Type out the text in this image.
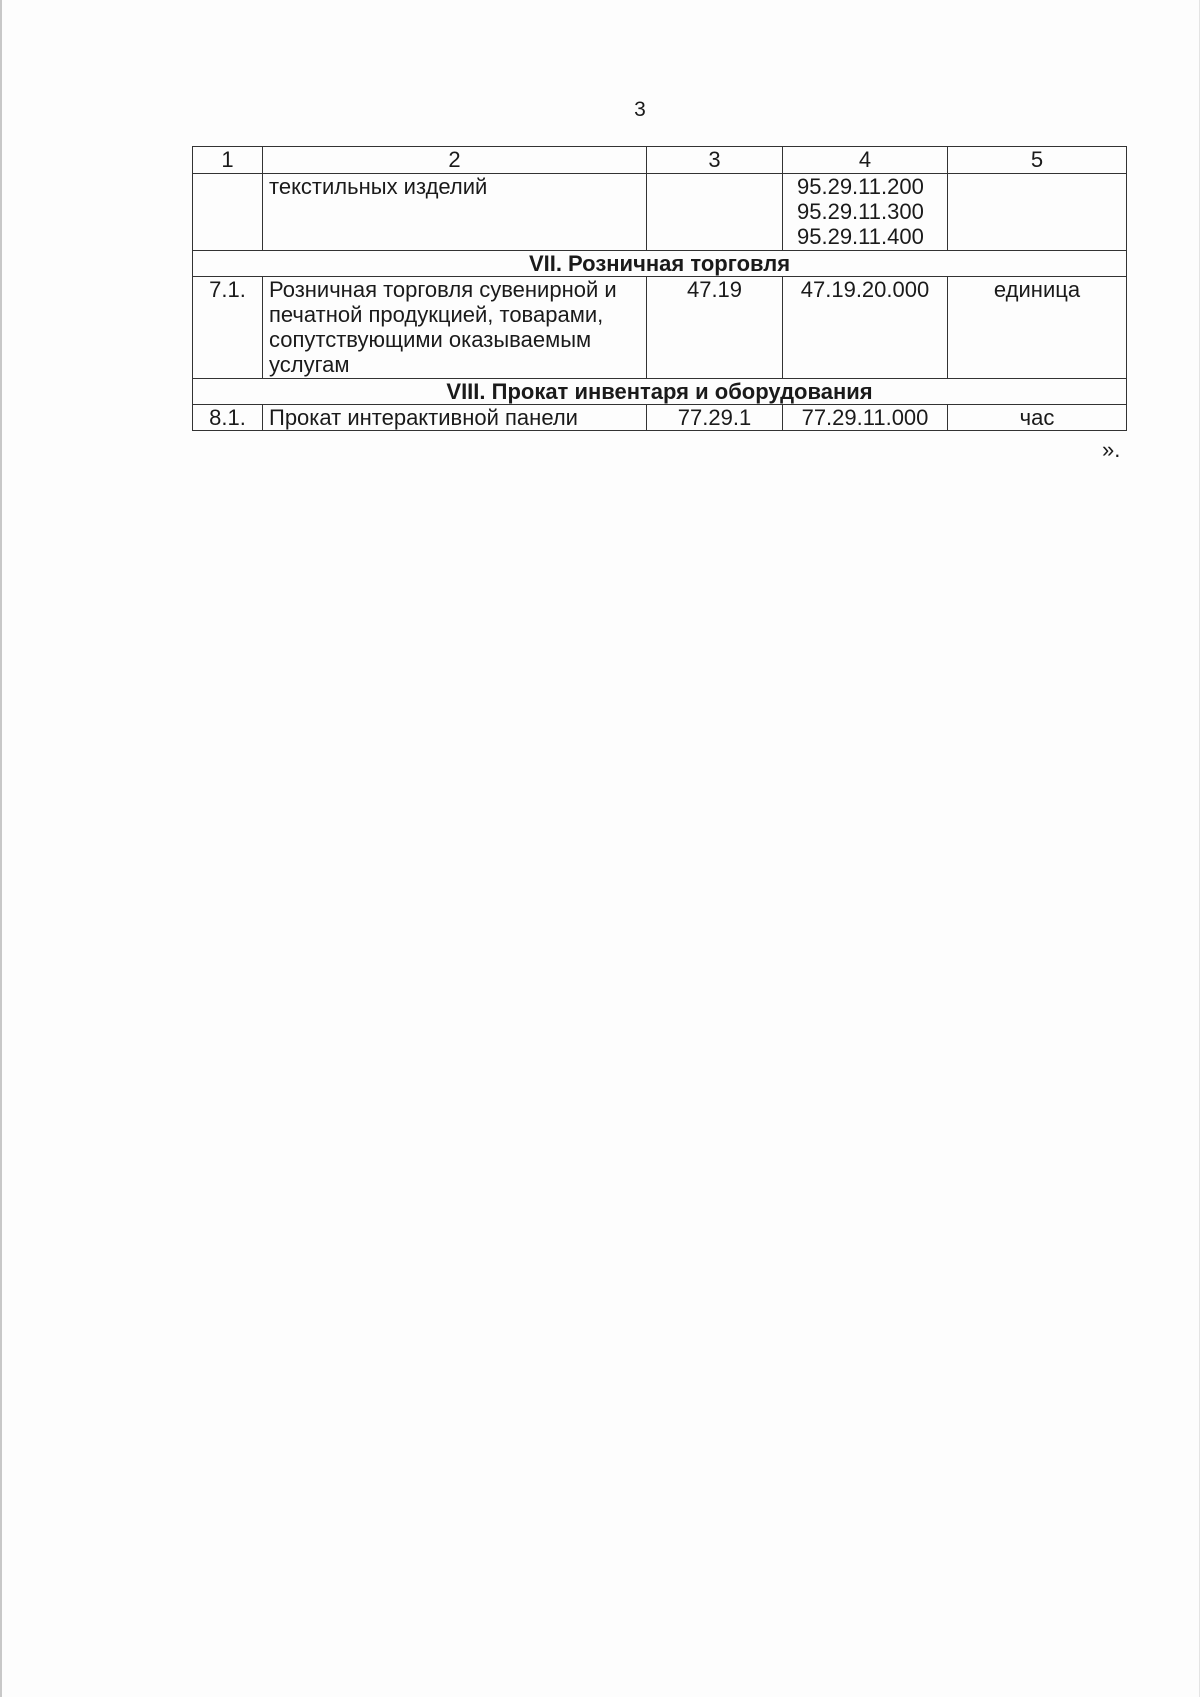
3
1	2	3	4	5
	текстильных изделий		95.29.11.200
95.29.11.300
95.29.11.400	

VII. Розничная торговля				
7.1.	Розничная торговля сувенирной и печатной продукцией, товарами, сопутствующими оказываемым услугам	47.19	47.19.20.000	единица
VIII. Прокат инвентаря и оборудования				
8.1.	Прокат интерактивной панели	77.29.1	77.29.11.000	час
».
